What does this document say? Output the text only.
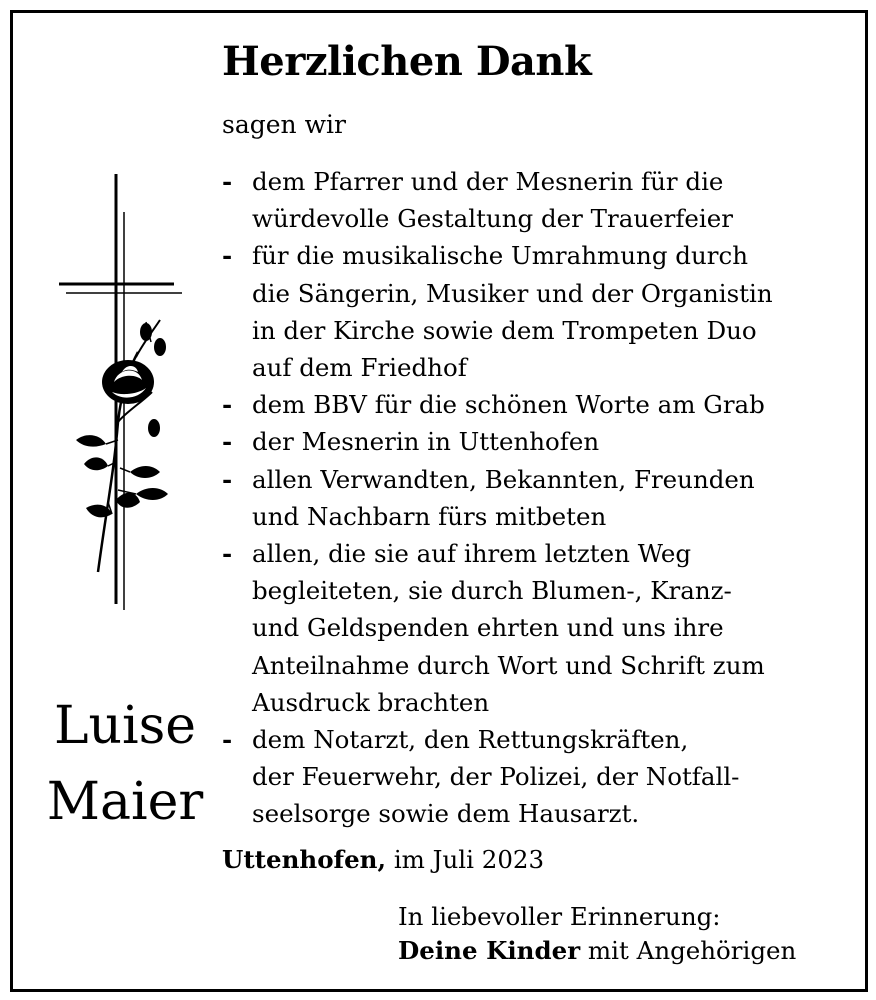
Herzlichen Dank
sagen wir
- dem Pfarrer und der Mesnerin für die
würdevolle Gestaltung der Trauerfeier
- für die musikalische Umrahmung durch
die Sängerin, Musiker und der Organistin
in der Kirche sowie dem Trompeten Duo
auf dem Friedhof
- dem BBV für die schönen Worte am Grab
- der Mesnerin in Uttenhofen
- allen Verwandten, Bekannten, Freunden
und Nachbarn fürs mitbeten
- allen, die sie auf ihrem letzten Weg
begleiteten, sie durch Blumen-, Kranz-
und Geldspenden ehrten und uns ihre
Anteilnahme durch Wort und Schrift zum
Ausdruck brachten
- dem Notarzt, den Rettungskräften,
der Feuerwehr, der Polizei, der Notfall-
seelsorge sowie dem Hausarzt.
Luise
Maier
Uttenhofen, im Juli 2023
In liebevoller Erinnerung:
Deine Kinder mit Angehörigen
